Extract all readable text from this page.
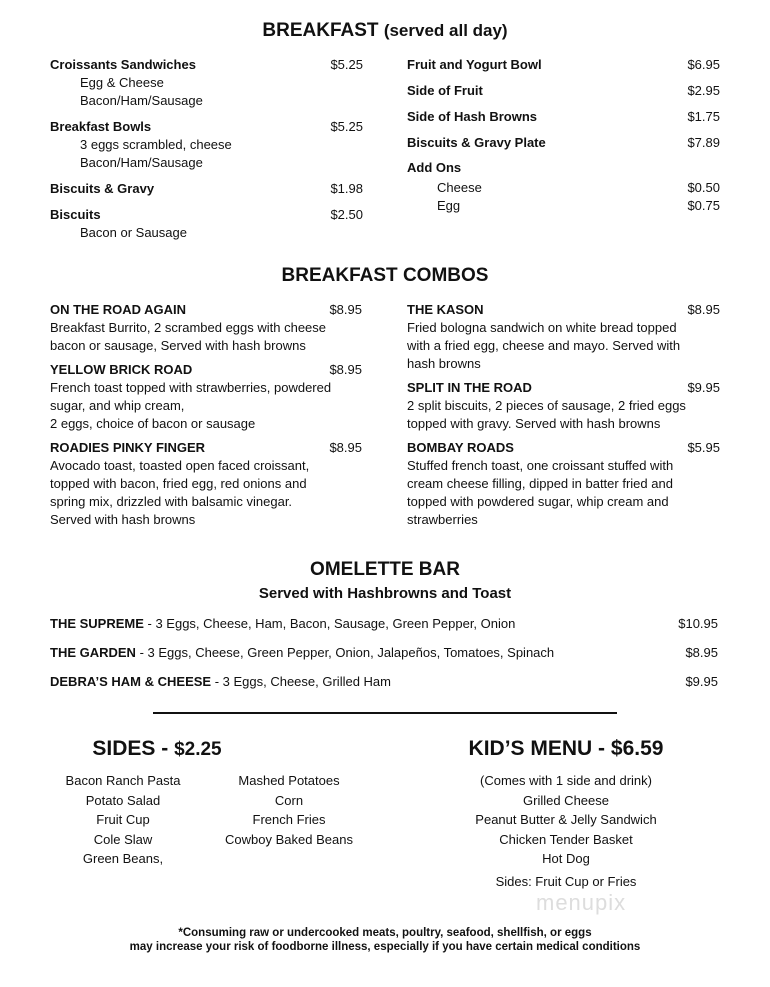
BREAKFAST (served all day)
Croissants Sandwiches	$5.25
Egg & Cheese
Bacon/Ham/Sausage
Breakfast Bowls	$5.25
3 eggs scrambled, cheese
Bacon/Ham/Sausage
Biscuits & Gravy	$1.98
Biscuits	$2.50
Bacon or Sausage
Fruit and Yogurt Bowl	$6.95
Side of Fruit	$2.95
Side of Hash Browns	$1.75
Biscuits & Gravy Plate	$7.89
Add Ons
Cheese	$0.50
Egg	$0.75
BREAKFAST COMBOS
ON THE ROAD AGAIN	$8.95
Breakfast Burrito, 2 scrambed eggs with cheese
bacon or sausage, Served with hash browns
YELLOW BRICK ROAD	$8.95
French toast topped with strawberries, powdered
sugar, and whip cream,
2 eggs, choice of bacon or sausage
ROADIES PINKY FINGER	$8.95
Avocado toast, toasted open faced croissant,
topped with bacon, fried egg, red onions and
spring mix, drizzled with balsamic vinegar.
Served with hash browns
THE KASON	$8.95
Fried bologna sandwich on white bread topped
with a fried egg, cheese and mayo. Served with
hash browns
SPLIT IN THE ROAD	$9.95
2 split biscuits, 2 pieces of sausage, 2 fried eggs
topped with gravy. Served with hash browns
BOMBAY ROADS	$5.95
Stuffed french toast, one croissant stuffed with
cream cheese filling, dipped in batter fried and
topped with powdered sugar, whip cream and
strawberries
OMELETTE BAR
Served with Hashbrowns and Toast
THE SUPREME - 3 Eggs, Cheese, Ham, Bacon, Sausage, Green Pepper, Onion	$10.95
THE GARDEN - 3 Eggs, Cheese, Green Pepper, Onion, Jalapeños, Tomatoes, Spinach	$8.95
DEBRA’S HAM & CHEESE - 3 Eggs, Cheese, Grilled Ham	$9.95
SIDES - $2.25
Bacon Ranch Pasta
Potato Salad
Fruit Cup
Cole Slaw
Green Beans,
Mashed Potatoes
Corn
French Fries
Cowboy Baked Beans
KID’S MENU - $6.59
(Comes with 1 side and drink)
Grilled Cheese
Peanut Butter & Jelly Sandwich
Chicken Tender Basket
Hot Dog
Sides: Fruit Cup or Fries
menupix
*Consuming raw or undercooked meats, poultry, seafood, shellfish, or eggs
may increase your risk of foodborne illness, especially if you have certain medical conditions
